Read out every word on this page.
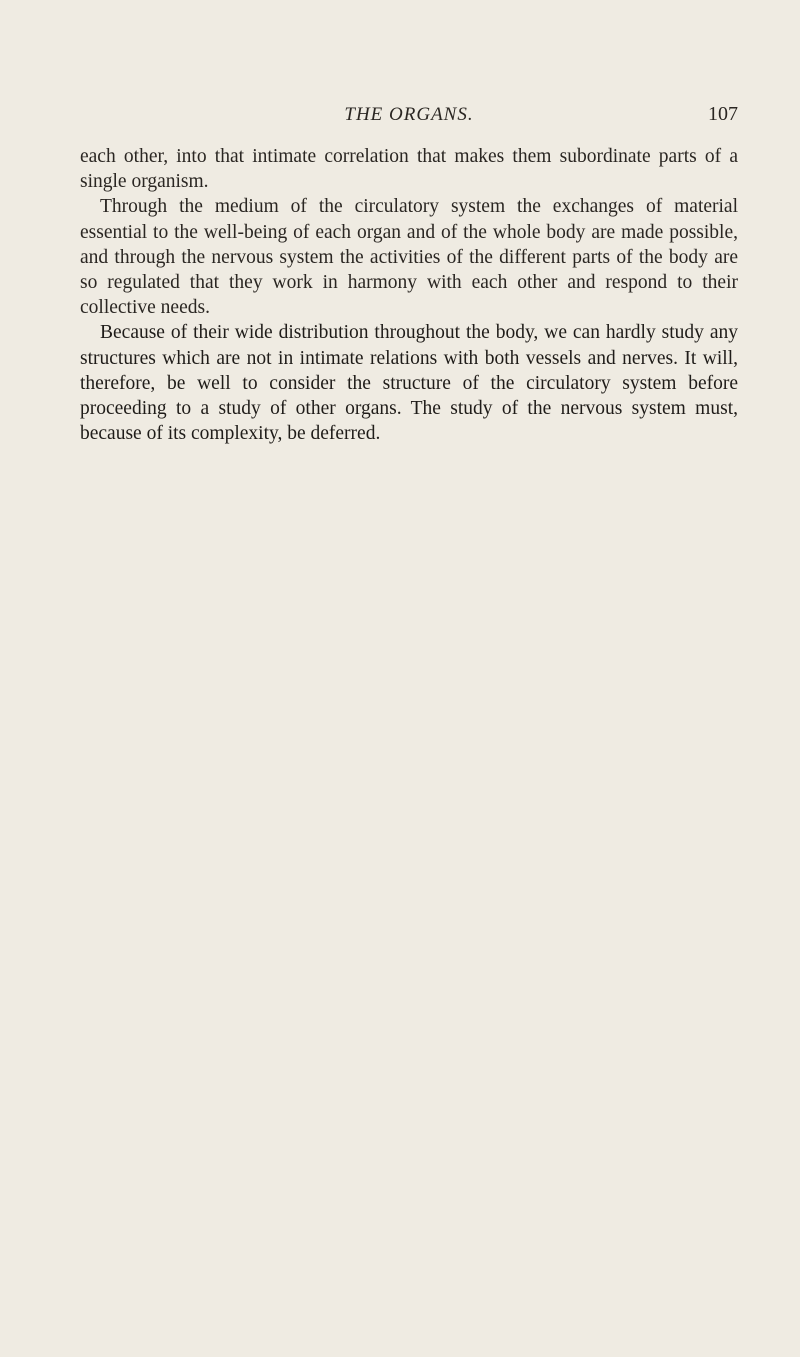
THE ORGANS.	107

each other, into that intimate correlation that makes them subordinate parts of a single organism.

Through the medium of the circulatory system the exchanges of material essential to the well-being of each organ and of the whole body are made possible, and through the nervous system the activities of the different parts of the body are so regulated that they work in harmony with each other and respond to their collective needs.

Because of their wide distribution throughout the body, we can hardly study any structures which are not in intimate relations with both vessels and nerves. It will, therefore, be well to consider the structure of the circulatory system before proceeding to a study of other organs. The study of the nervous system must, because of its complexity, be deferred.
